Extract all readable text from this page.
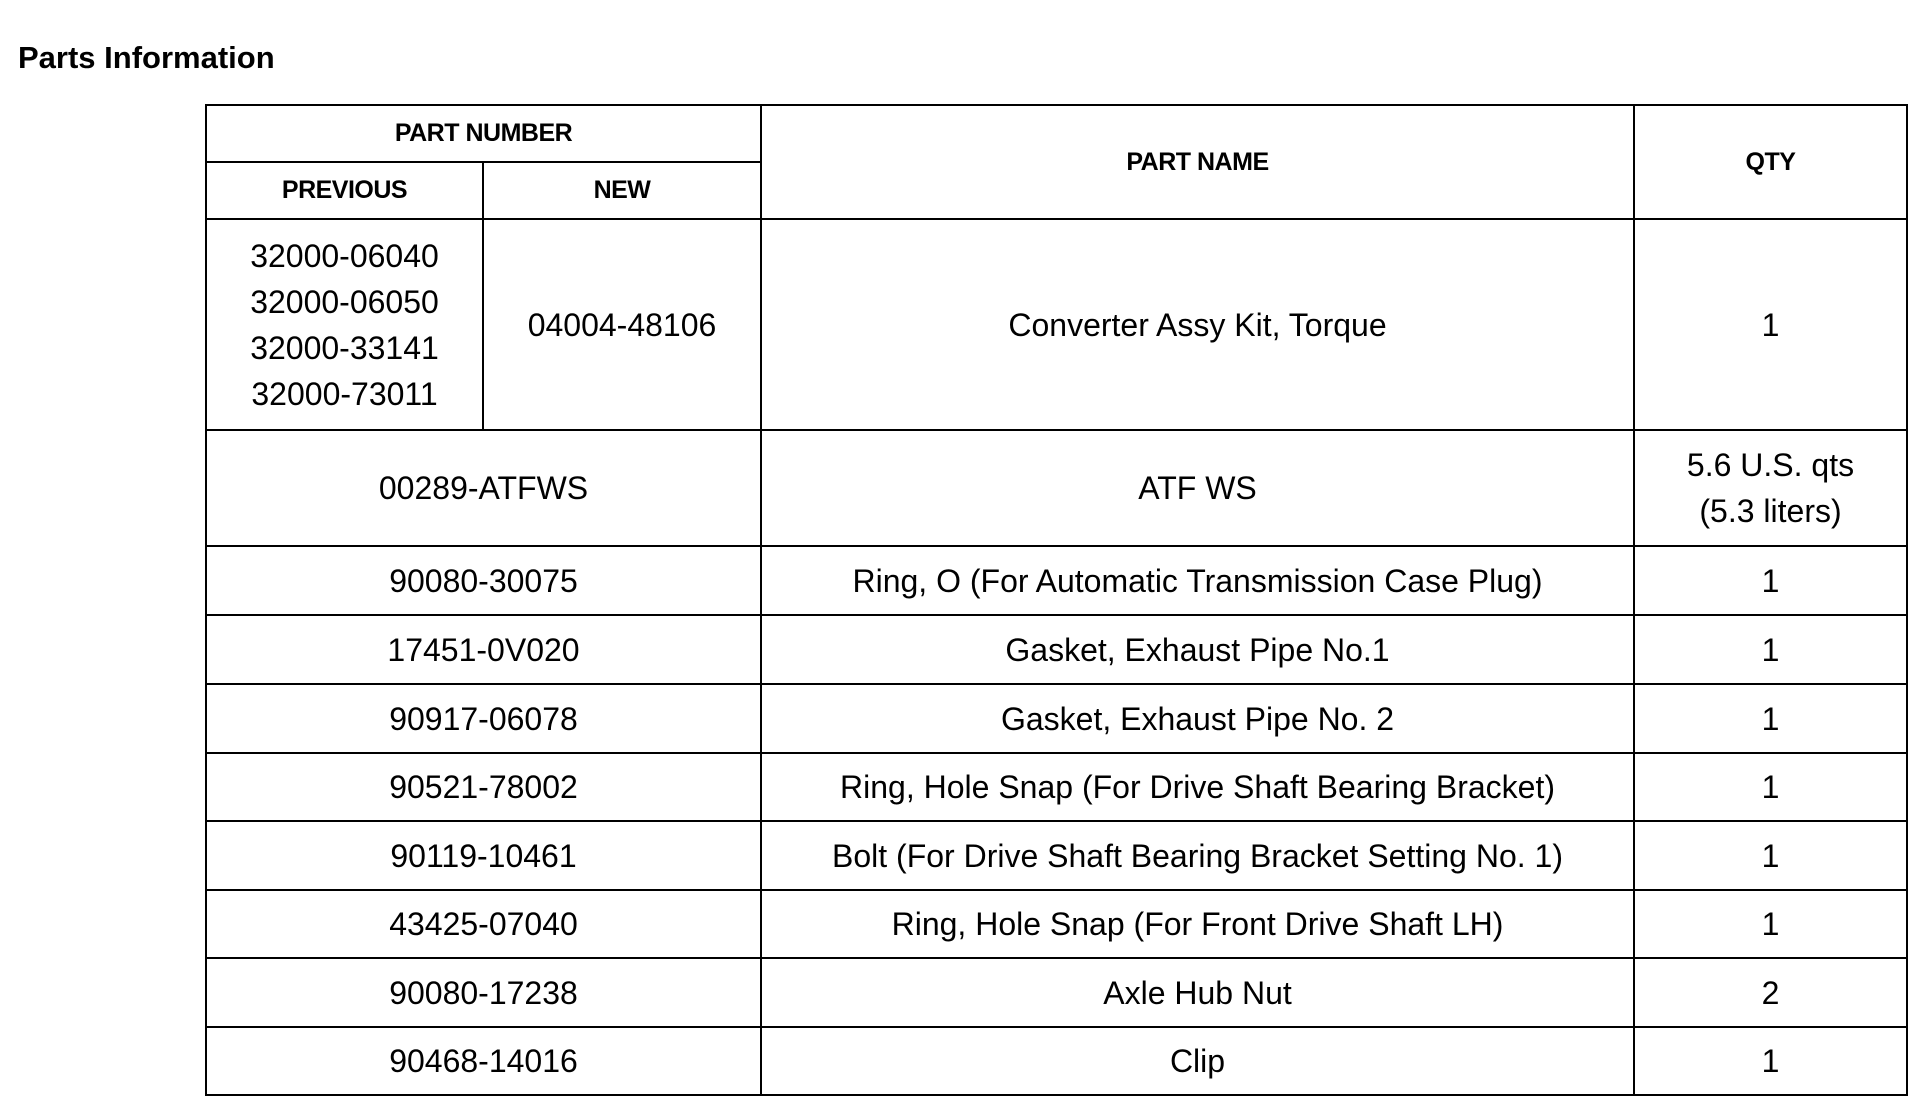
Parts Information
PART NUMBER		PART NAME	QTY
PREVIOUS	NEW		

32000-06040
32000-06050
32000-33141
32000-73011	04004-48106	Converter Assy Kit, Torque	1
00289-ATFWS		ATF WS	5.6 U.S. qts
(5.3 liters)

90080-30075		Ring, O (For Automatic Transmission Case Plug)	1
17451-0V020		Gasket, Exhaust Pipe No.1	1
90917-06078		Gasket, Exhaust Pipe No. 2	1
90521-78002		Ring, Hole Snap (For Drive Shaft Bearing Bracket)	1
90119-10461		Bolt (For Drive Shaft Bearing Bracket Setting No. 1)	1
43425-07040		Ring, Hole Snap (For Front Drive Shaft LH)	1
90080-17238		Axle Hub Nut	2
90468-14016		Clip	1
